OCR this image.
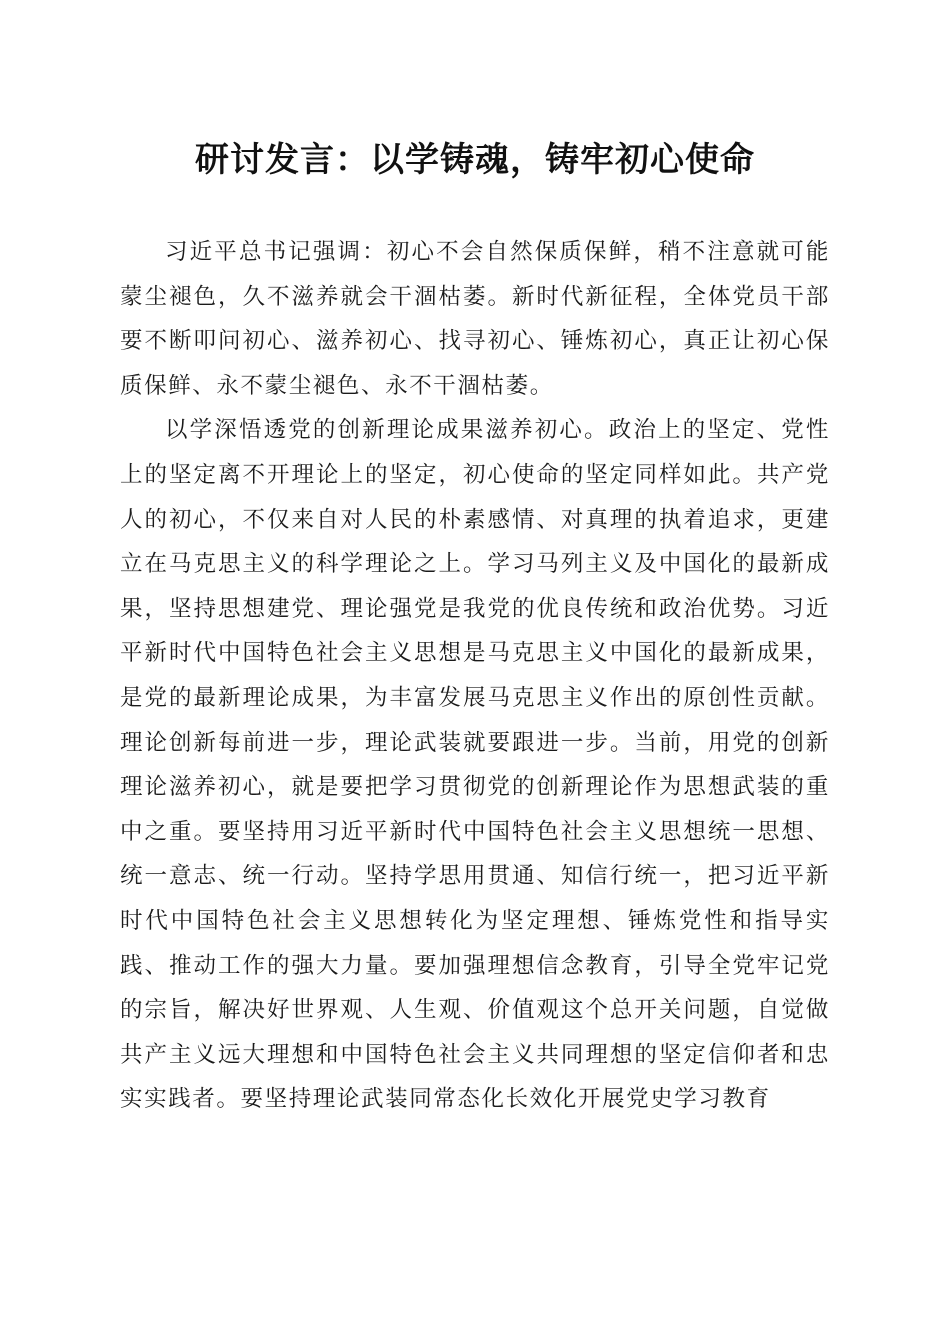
研讨发言：以学铸魂，铸牢初心使命

习近平总书记强调：初心不会自然保质保鲜，稍不注意就可能蒙尘褪色，久不滋养就会干涸枯萎。新时代新征程，全体党员干部要不断叩问初心、滋养初心、找寻初心、锤炼初心，真正让初心保质保鲜、永不蒙尘褪色、永不干涸枯萎。

以学深悟透党的创新理论成果滋养初心。政治上的坚定、党性上的坚定离不开理论上的坚定，初心使命的坚定同样如此。共产党人的初心，不仅来自对人民的朴素感情、对真理的执着追求，更建立在马克思主义的科学理论之上。学习马列主义及中国化的最新成果，坚持思想建党、理论强党是我党的优良传统和政治优势。习近平新时代中国特色社会主义思想是马克思主义中国化的最新成果，是党的最新理论成果，为丰富发展马克思主义作出的原创性贡献。理论创新每前进一步，理论武装就要跟进一步。当前，用党的创新理论滋养初心，就是要把学习贯彻党的创新理论作为思想武装的重中之重。要坚持用习近平新时代中国特色社会主义思想统一思想、统一意志、统一行动。坚持学思用贯通、知信行统一，把习近平新时代中国特色社会主义思想转化为坚定理想、锤炼党性和指导实践、推动工作的强大力量。要加强理想信念教育，引导全党牢记党的宗旨，解决好世界观、人生观、价值观这个总开关问题，自觉做共产主义远大理想和中国特色社会主义共同理想的坚定信仰者和忠实实践者。要坚持理论武装同常态化长效化开展党史学习教育
